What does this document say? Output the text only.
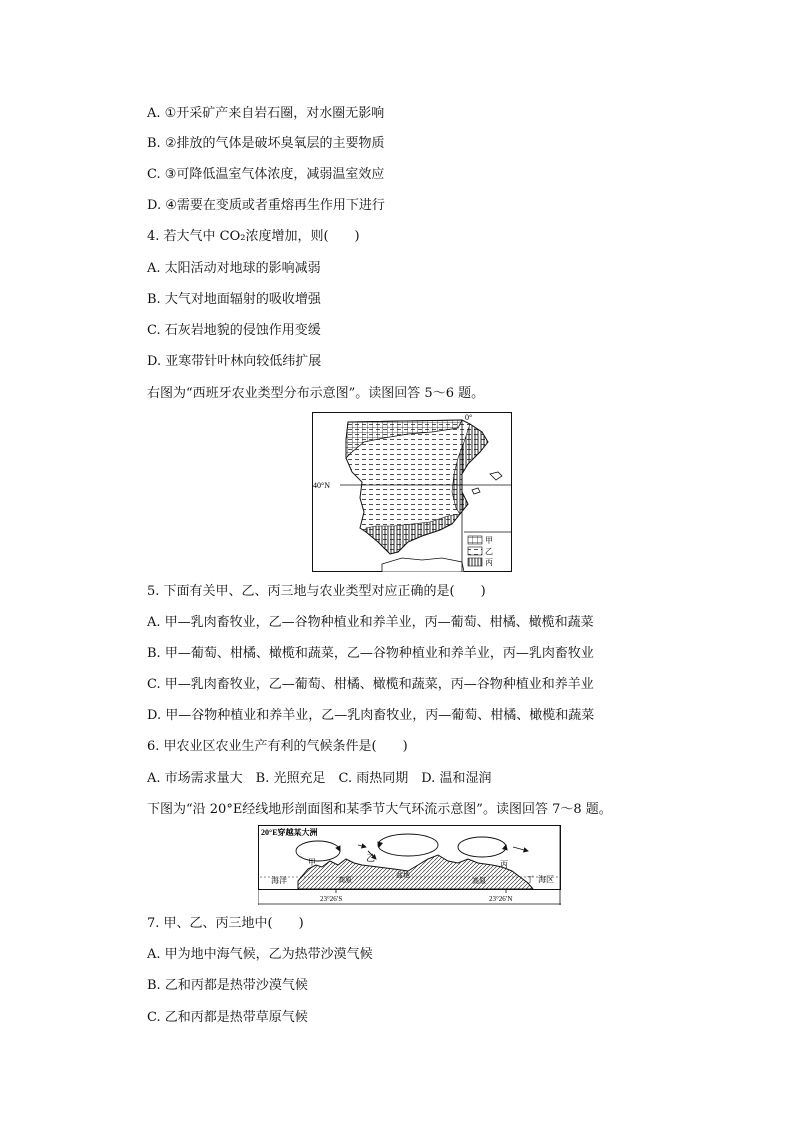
A. ①开采矿产来自岩石圈，对水圈无影响
B. ②排放的气体是破坏臭氧层的主要物质
C. ③可降低温室气体浓度，减弱温室效应
D. ④需要在变质或者重熔再生作用下进行
4. 若大气中 CO₂浓度增加，则(　　)
A. 太阳活动对地球的影响减弱
B. 大气对地面辐射的吸收增强
C. 石灰岩地貌的侵蚀作用变缓
D. 亚寒带针叶林向较低纬扩展
右图为“西班牙农业类型分布示意图”。读图回答 5～6 题。
0°
40°N
甲
乙
丙
5. 下面有关甲、乙、丙三地与农业类型对应正确的是(　　)
A. 甲—乳肉畜牧业，乙—谷物种植业和养羊业，丙—葡萄、柑橘、橄榄和蔬菜
B. 甲—葡萄、柑橘、橄榄和蔬菜，乙—谷物种植业和养羊业，丙—乳肉畜牧业
C. 甲—乳肉畜牧业，乙—葡萄、柑橘、橄榄和蔬菜，丙—谷物种植业和养羊业
D. 甲—谷物种植业和养羊业，乙—乳肉畜牧业，丙—葡萄、柑橘、橄榄和蔬菜
6. 甲农业区农业生产有利的气候条件是(　　)
A. 市场需求量大　B. 光照充足　C. 雨热同期　D. 温和湿润
下图为“沿 20°E经线地形剖面图和某季节大气环流示意图”。读图回答 7～8 题。
20°E穿越某大洲
甲	乙
丙
丁
海洋	高原
盆地
高原	海区
23°26′S	23°26′N
7. 甲、乙、丙三地中(　　)
A. 甲为地中海气候，乙为热带沙漠气候
B. 乙和丙都是热带沙漠气候
C. 乙和丙都是热带草原气候
